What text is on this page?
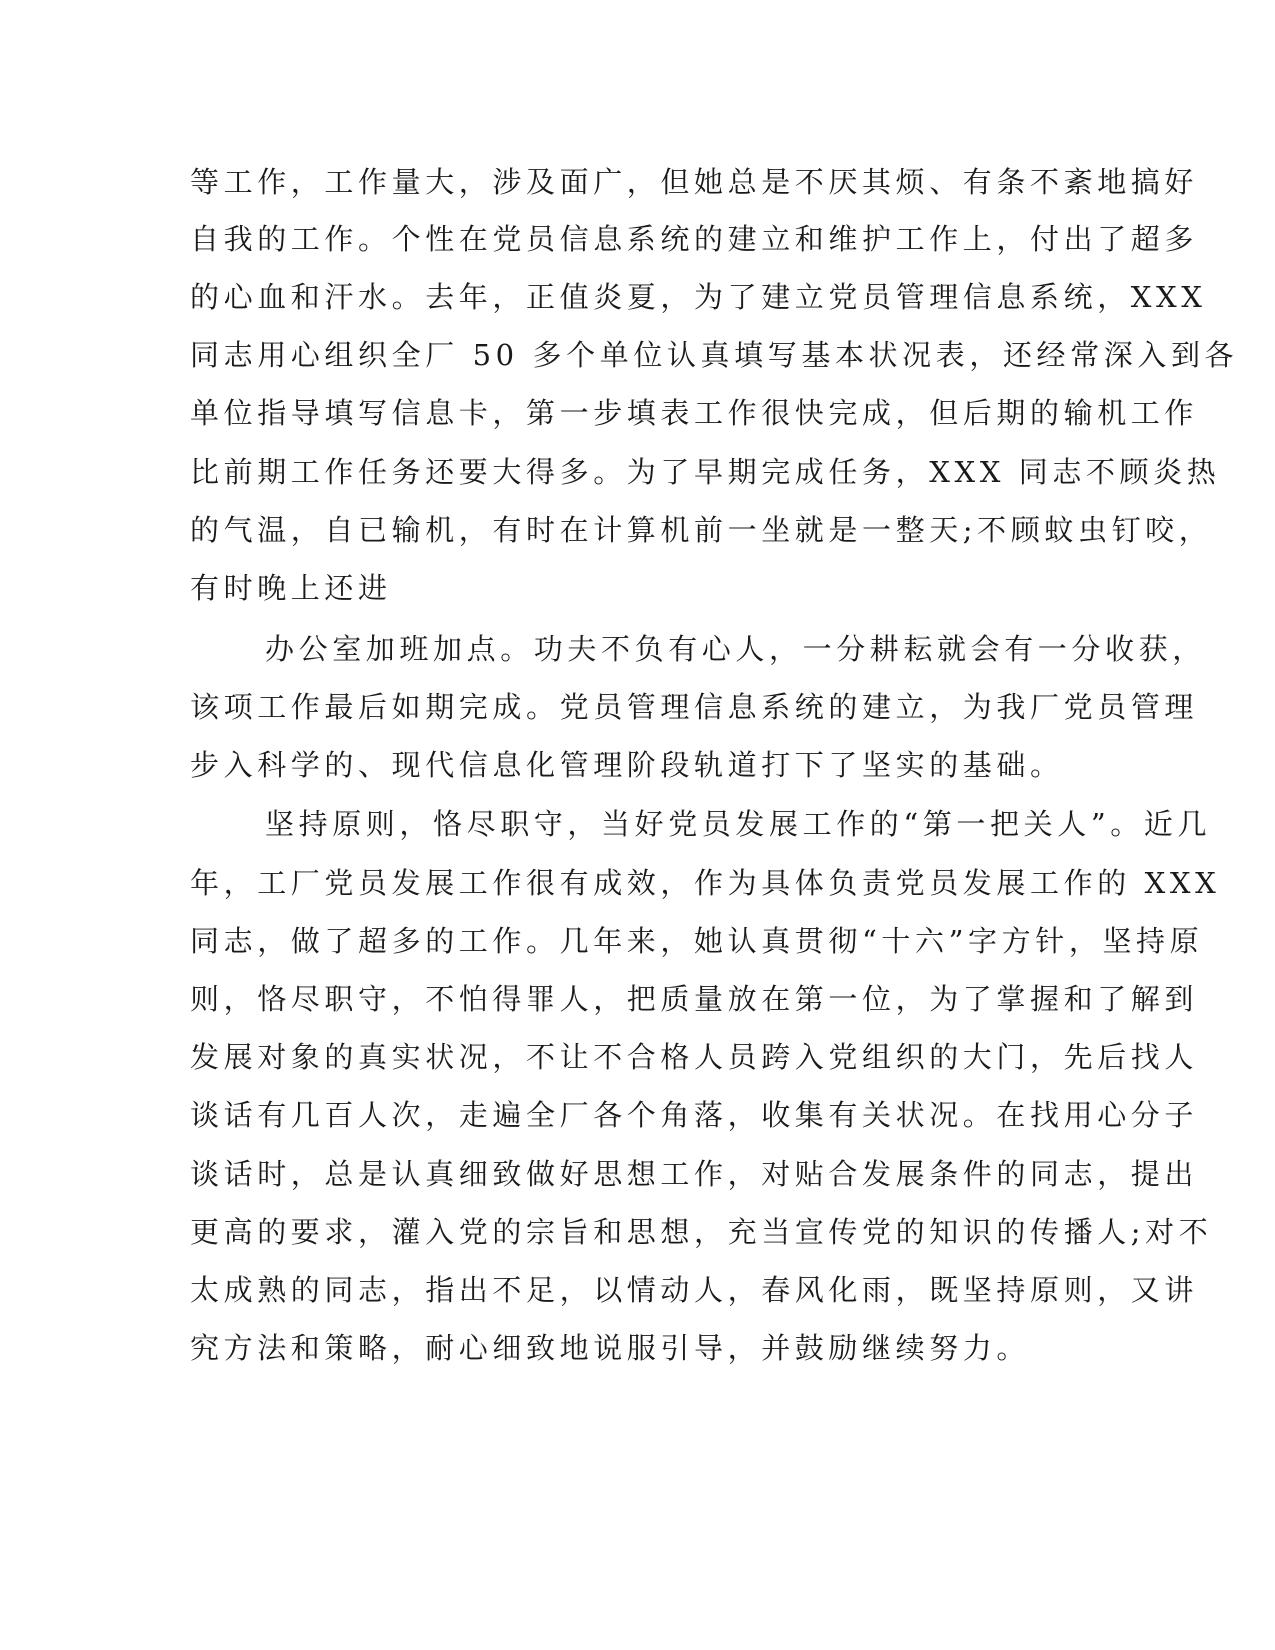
等工作，工作量大，涉及面广，但她总是不厌其烦、有条不紊地搞好
自我的工作。个性在党员信息系统的建立和维护工作上，付出了超多
的心血和汗水。去年，正值炎夏，为了建立党员管理信息系统，XXX
同志用心组织全厂 50 多个单位认真填写基本状况表，还经常深入到各
单位指导填写信息卡，第一步填表工作很快完成，但后期的输机工作
比前期工作任务还要大得多。为了早期完成任务，XXX 同志不顾炎热
的气温，自已输机，有时在计算机前一坐就是一整天;不顾蚊虫钉咬，
有时晚上还进
办公室加班加点。功夫不负有心人，一分耕耘就会有一分收获，
该项工作最后如期完成。党员管理信息系统的建立，为我厂党员管理
步入科学的、现代信息化管理阶段轨道打下了坚实的基础。
坚持原则，恪尽职守，当好党员发展工作的“第一把关人”。近几
年，工厂党员发展工作很有成效，作为具体负责党员发展工作的 XXX
同志，做了超多的工作。几年来，她认真贯彻“十六”字方针，坚持原
则，恪尽职守，不怕得罪人，把质量放在第一位，为了掌握和了解到
发展对象的真实状况，不让不合格人员跨入党组织的大门，先后找人
谈话有几百人次，走遍全厂各个角落，收集有关状况。在找用心分子
谈话时，总是认真细致做好思想工作，对贴合发展条件的同志，提出
更高的要求，灌入党的宗旨和思想，充当宣传党的知识的传播人;对不
太成熟的同志，指出不足，以情动人，春风化雨，既坚持原则，又讲
究方法和策略，耐心细致地说服引导，并鼓励继续努力。
